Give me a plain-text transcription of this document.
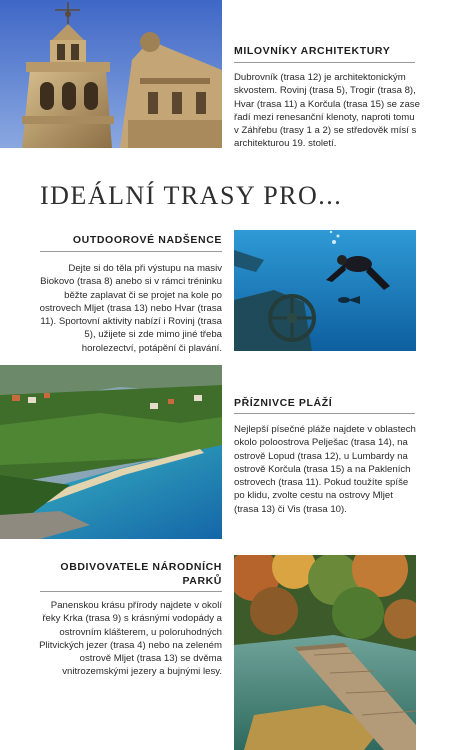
MILOVNÍKY ARCHITEKTURY
Dubrovník (trasa 12) je architektonickým skvostem. Rovinj (trasa 5), Trogir (trasa 8), Hvar (trasa 11) a Korčula (trasa 15) se zase řadí mezi renesanční klenoty, naproti tomu v Záhřebu (trasy 1 a 2) se středověk mísí s architekturou 19. století.
IDEÁLNÍ TRASY PRO...
OUTDOOROVÉ NADŠENCE
Dejte si do těla při výstupu na masiv Biokovo (trasa 8) anebo si v rámci tréninku běžte zaplavat či se projet na kole po ostrovech Mljet (trasa 13) nebo Hvar (trasa 11). Sportovní aktivity nabízí i Rovinj (trasa 5), užijete si zde mimo jiné třeba horolezectví, potápění či plavání.
PŘÍZNIVCE PLÁŽÍ
Nejlepší písečné pláže najdete v oblastech okolo poloostrova Pelješac (trasa 14), na ostrově Lopud (trasa 12), u Lumbardy na ostrově Korčula (trasa 15) a na Pakleních ostrovech (trasa 11). Pokud toužíte spíše po klidu, zvolte cestu na ostrovy Mljet (trasa 13) či Vis (trasa 10).
OBDIVOVATELE NÁRODNÍCH PARKŮ
Panenskou krásu přírody najdete v okolí řeky Krka (trasa 9) s krásnými vodopády a ostrovním klášterem, u poloruhodných Plitvických jezer (trasa 4) nebo na zeleném ostrově Mljet (trasa 13) se dvěma vnitrozemskými jezery a bujnými lesy.
